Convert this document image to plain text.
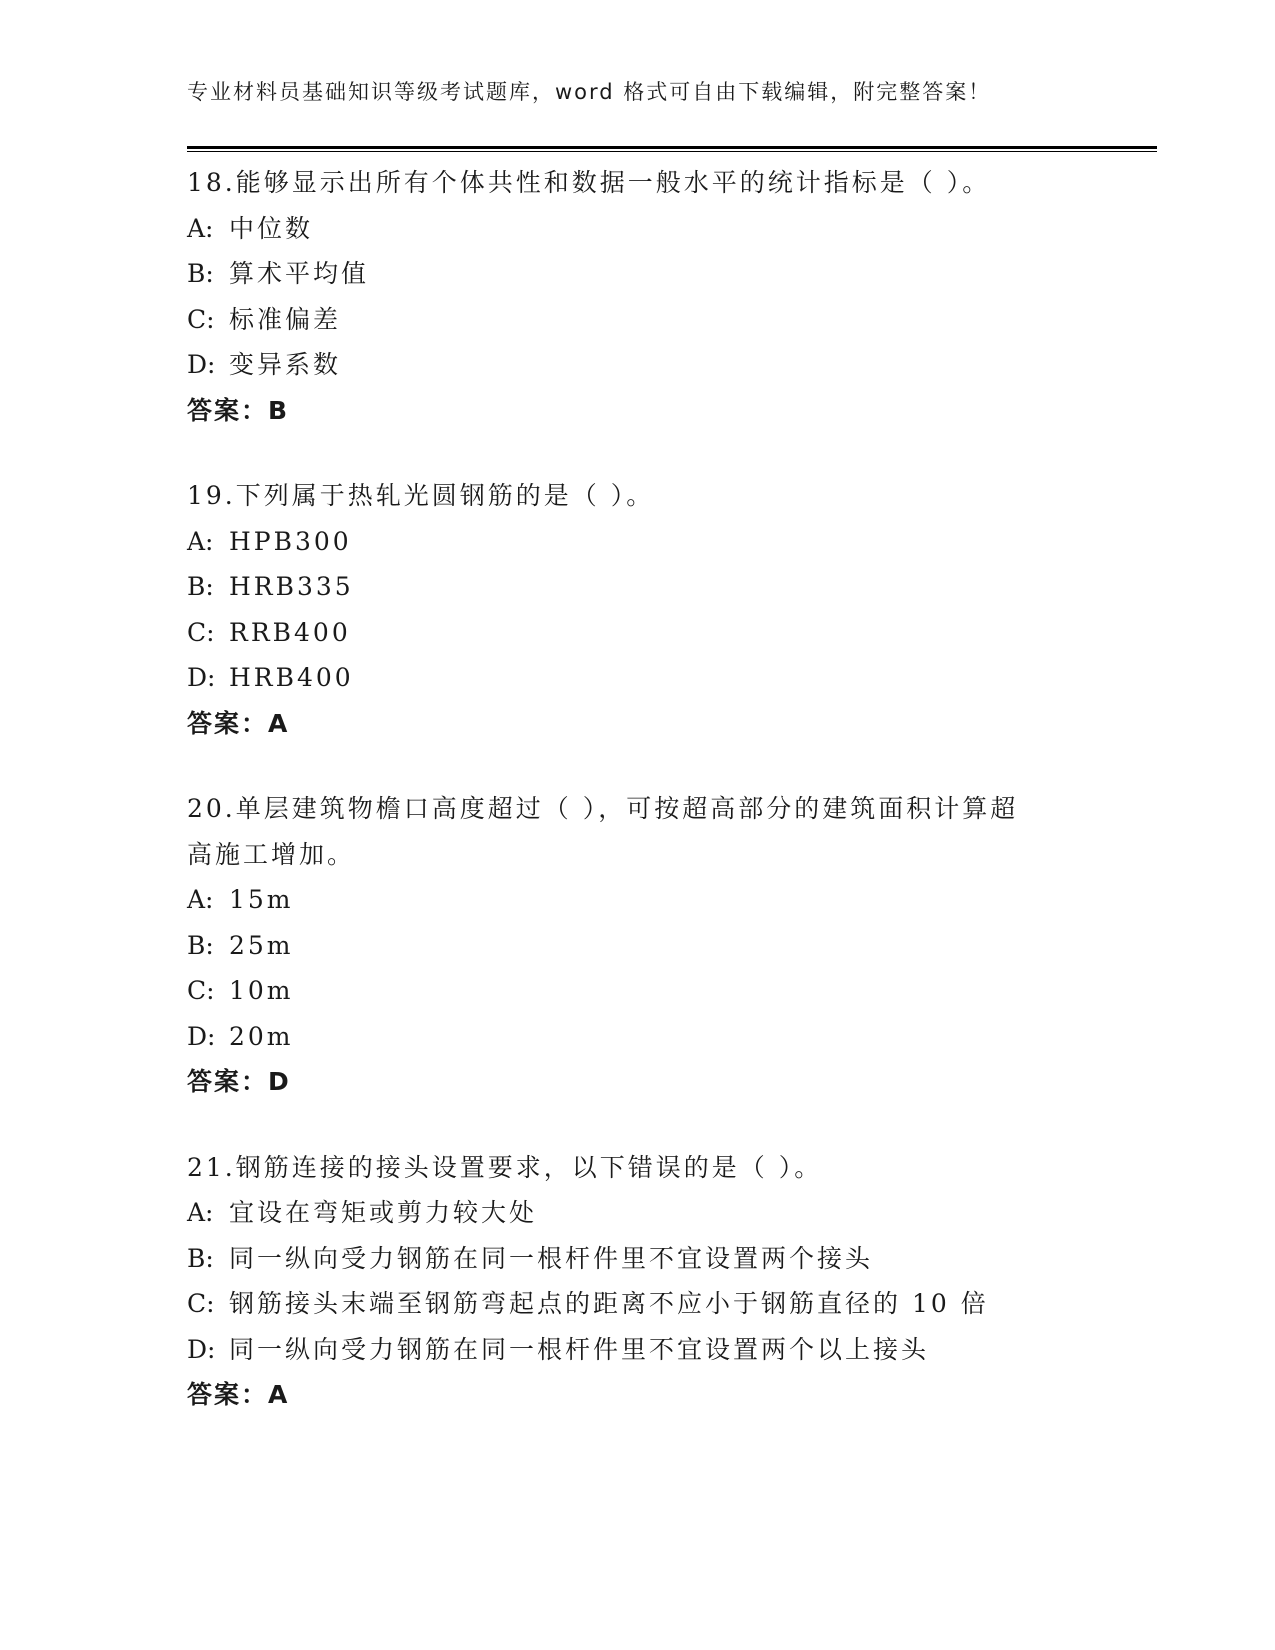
专业材料员基础知识等级考试题库，word 格式可自由下载编辑，附完整答案！
18.能够显示出所有个体共性和数据一般水平的统计指标是（ ）。
A: 中位数
B: 算术平均值
C: 标准偏差
D: 变异系数
答案：B
19.下列属于热轧光圆钢筋的是（ ）。
A: HPB300
B: HRB335
C: RRB400
D: HRB400
答案：A
20.单层建筑物檐口高度超过（ ），可按超高部分的建筑面积计算超
高施工增加。
A: 15m
B: 25m
C: 10m
D: 20m
答案：D
21.钢筋连接的接头设置要求，以下错误的是（ ）。
A: 宜设在弯矩或剪力较大处
B: 同一纵向受力钢筋在同一根杆件里不宜设置两个接头
C: 钢筋接头末端至钢筋弯起点的距离不应小于钢筋直径的 10 倍
D: 同一纵向受力钢筋在同一根杆件里不宜设置两个以上接头
答案：A
